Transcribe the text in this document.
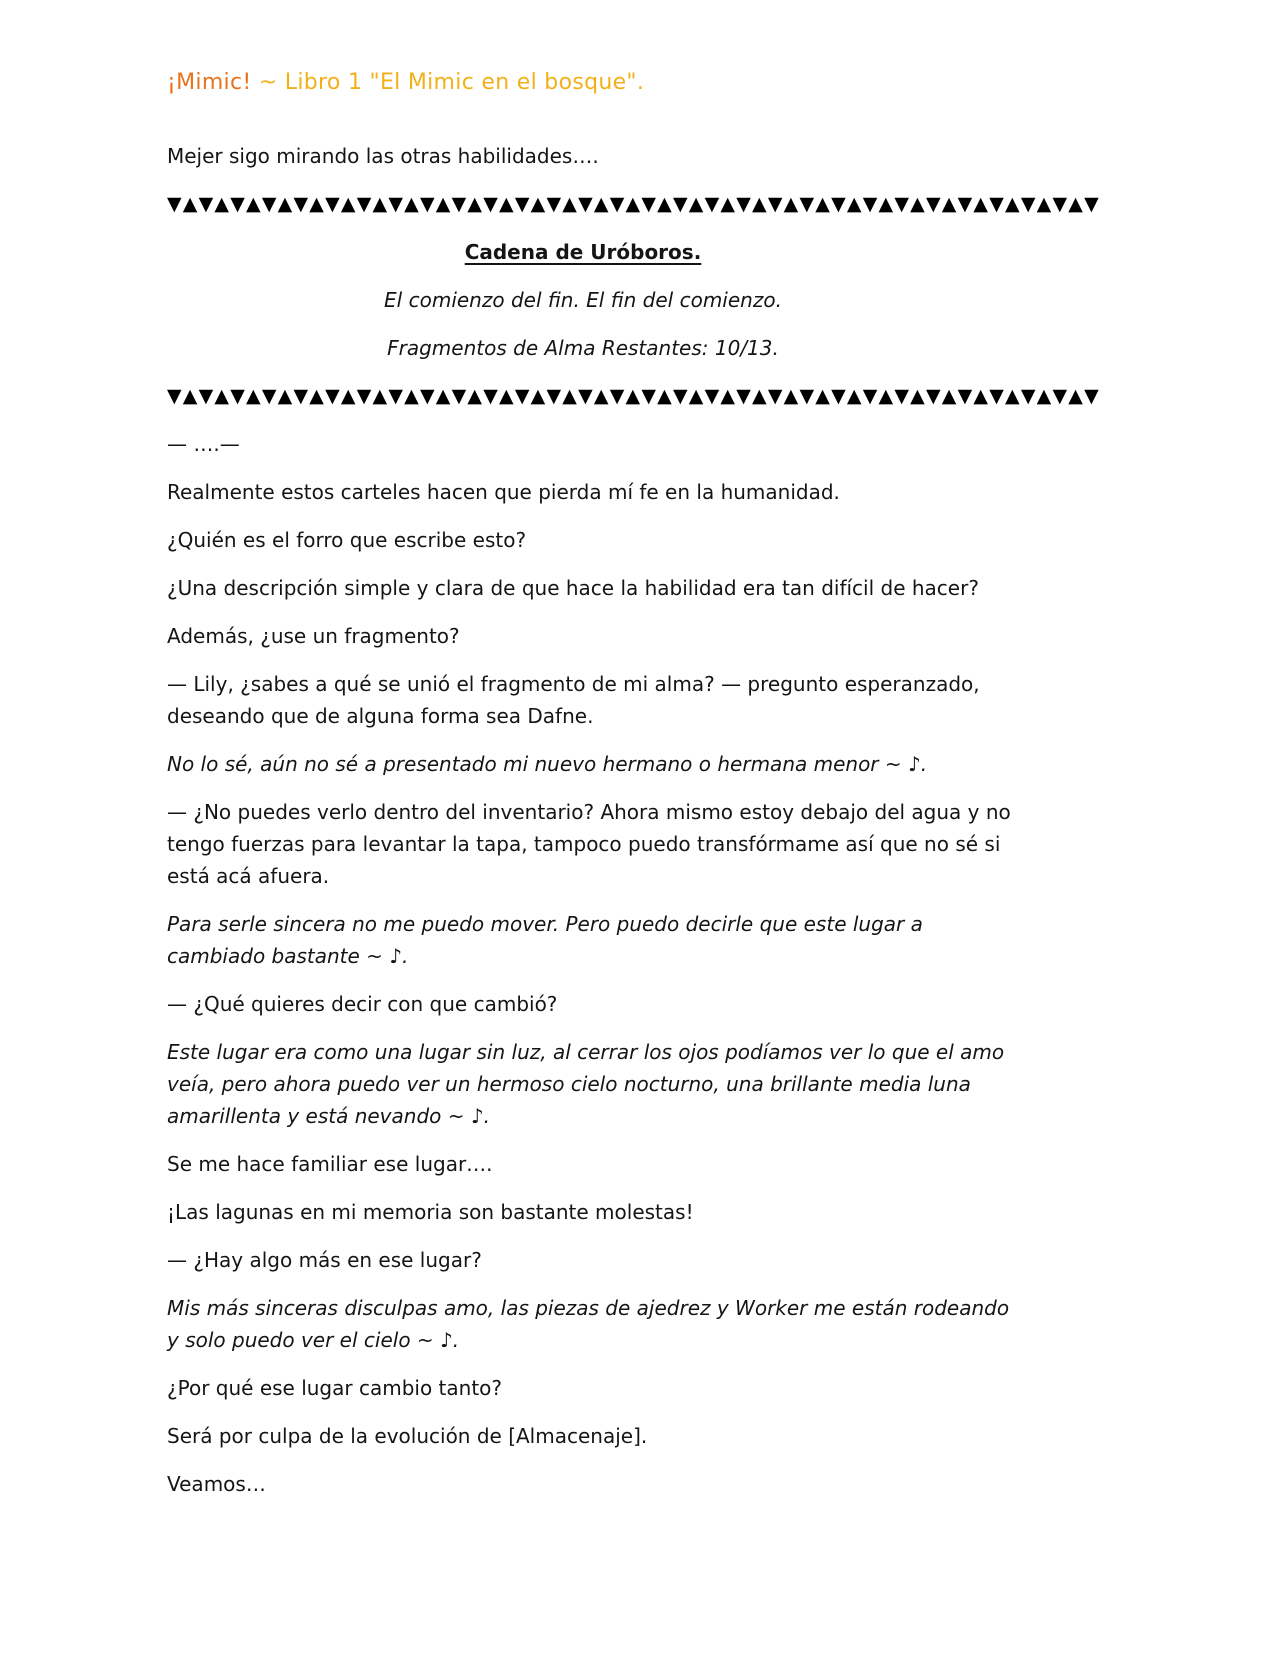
¡Mimic! ~ Libro 1 "El Mimic en el bosque".

Mejer sigo mirando las otras habilidades….

▼▲▼▲▼▲▼▲▼▲▼▲▼▲▼▲▼▲▼▲▼▲▼▲▼▲▼▲▼▲▼▲▼▲▼▲▼▲▼▲▼▲▼▲▼▲▼▲▼▲▼▲▼▲▼▲▼▲▼

Cadena de Uróboros.

El comienzo del fin. El fin del comienzo.

Fragmentos de Alma Restantes: 10/13.

▼▲▼▲▼▲▼▲▼▲▼▲▼▲▼▲▼▲▼▲▼▲▼▲▼▲▼▲▼▲▼▲▼▲▼▲▼▲▼▲▼▲▼▲▼▲▼▲▼▲▼▲▼▲▼▲▼▲▼

— ….—

Realmente estos carteles hacen que pierda mí fe en la humanidad.

¿Quién es el forro que escribe esto?

¿Una descripción simple y clara de que hace la habilidad era tan difícil de hacer?

Además, ¿use un fragmento?

— Lily, ¿sabes a qué se unió el fragmento de mi alma? — pregunto esperanzado, deseando que de alguna forma sea Dafne.

No lo sé, aún no sé a presentado mi nuevo hermano o hermana menor ~ ♪.

— ¿No puedes verlo dentro del inventario? Ahora mismo estoy debajo del agua y no tengo fuerzas para levantar la tapa, tampoco puedo transfórmame así que no sé si está acá afuera.

Para serle sincera no me puedo mover. Pero puedo decirle que este lugar a cambiado bastante ~ ♪.

— ¿Qué quieres decir con que cambió?

Este lugar era como una lugar sin luz, al cerrar los ojos podíamos ver lo que el amo veía, pero ahora puedo ver un hermoso cielo nocturno, una brillante media luna amarillenta y está nevando ~ ♪.

Se me hace familiar ese lugar….

¡Las lagunas en mi memoria son bastante molestas!

— ¿Hay algo más en ese lugar?

Mis más sinceras disculpas amo, las piezas de ajedrez y Worker me están rodeando y solo puedo ver el cielo ~ ♪.

¿Por qué ese lugar cambio tanto?

Será por culpa de la evolución de [Almacenaje].

Veamos…
